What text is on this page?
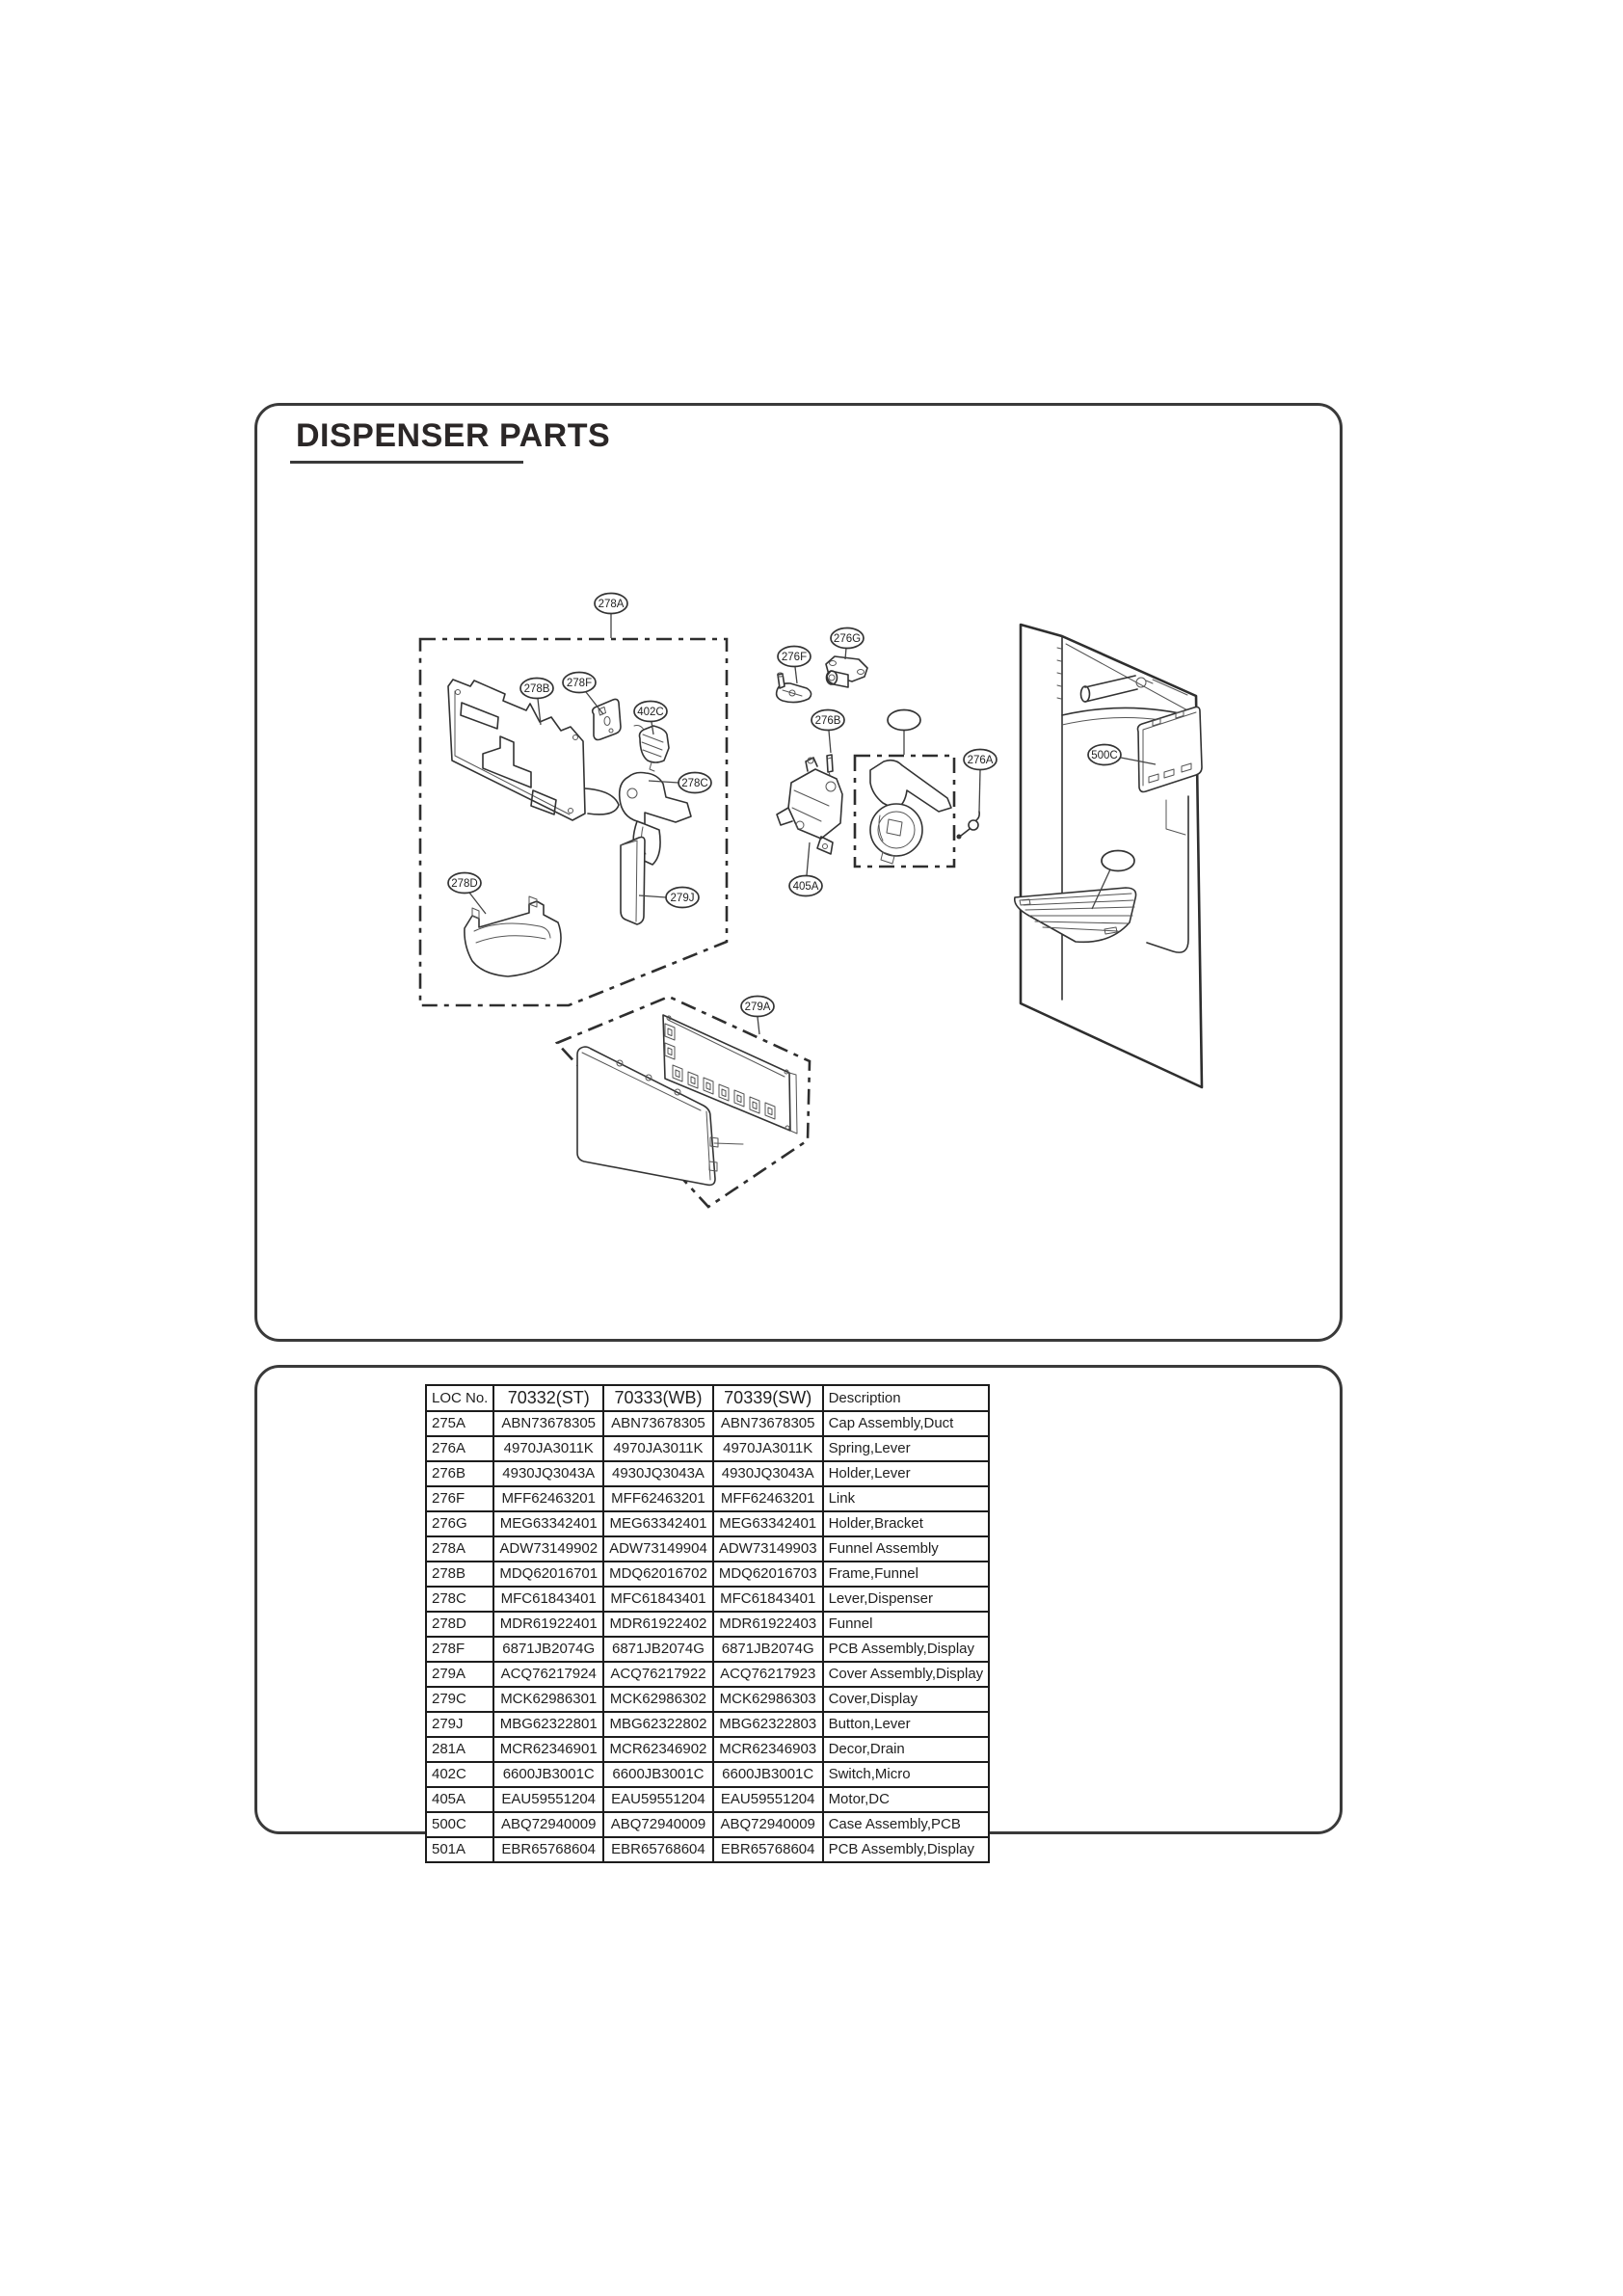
DISPENSER PARTS
278A
278B 278F
402C
278C
278D
279J
279A
276F
276G
276B
276A
405A
500C
LOC No.	70332(ST)	70333(WB)	70339(SW)	Description
275A	ABN73678305	ABN73678305	ABN73678305	Cap Assembly,Duct
276A	4970JA3011K	4970JA3011K	4970JA3011K	Spring,Lever
276B	4930JQ3043A	4930JQ3043A	4930JQ3043A	Holder,Lever
276F	MFF62463201	MFF62463201	MFF62463201	Link
276G	MEG63342401	MEG63342401	MEG63342401	Holder,Bracket
278A	ADW73149902	ADW73149904	ADW73149903	Funnel Assembly
278B	MDQ62016701	MDQ62016702	MDQ62016703	Frame,Funnel
278C	MFC61843401	MFC61843401	MFC61843401	Lever,Dispenser
278D	MDR61922401	MDR61922402	MDR61922403	Funnel
278F	6871JB2074G	6871JB2074G	6871JB2074G	PCB Assembly,Display
279A	ACQ76217924	ACQ76217922	ACQ76217923	Cover Assembly,Display
279C	MCK62986301	MCK62986302	MCK62986303	Cover,Display
279J	MBG62322801	MBG62322802	MBG62322803	Button,Lever
281A	MCR62346901	MCR62346902	MCR62346903	Decor,Drain
402C	6600JB3001C	6600JB3001C	6600JB3001C	Switch,Micro
405A	EAU59551204	EAU59551204	EAU59551204	Motor,DC
500C	ABQ72940009	ABQ72940009	ABQ72940009	Case Assembly,PCB
501A	EBR65768604	EBR65768604	EBR65768604	PCB Assembly,Display
